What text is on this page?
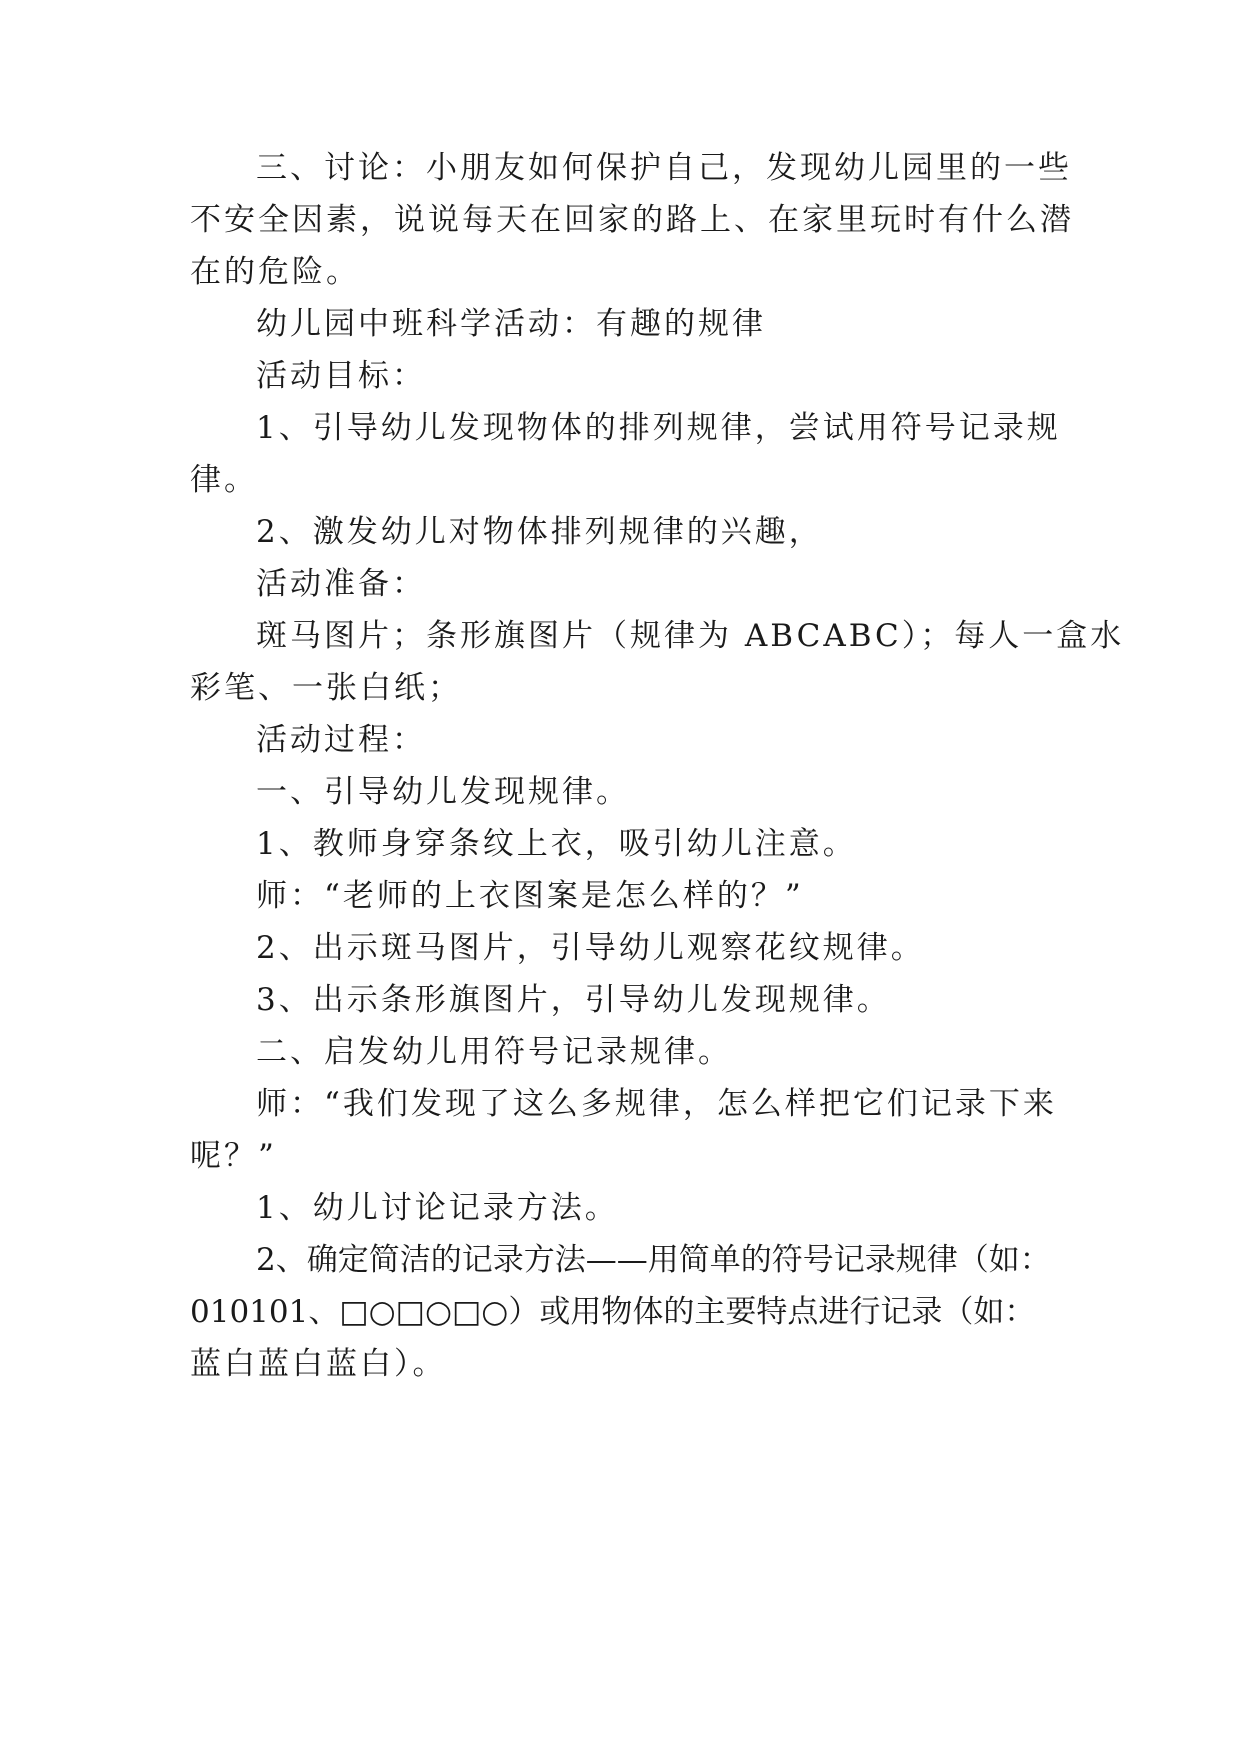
三、讨论：小朋友如何保护自己，发现幼儿园里的一些
不安全因素，说说每天在回家的路上、在家里玩时有什么潜
在的危险。
幼儿园中班科学活动：有趣的规律
活动目标：
1、引导幼儿发现物体的排列规律，尝试用符号记录规
律。
2、激发幼儿对物体排列规律的兴趣，
活动准备：
斑马图片；条形旗图片（规律为 ABCABC）；每人一盒水
彩笔、一张白纸；
活动过程：
一、引导幼儿发现规律。
1、教师身穿条纹上衣，吸引幼儿注意。
师：“老师的上衣图案是怎么样的？”
2、出示斑马图片，引导幼儿观察花纹规律。
3、出示条形旗图片，引导幼儿发现规律。
二、启发幼儿用符号记录规律。
师：“我们发现了这么多规律，怎么样把它们记录下来
呢？”
1、幼儿讨论记录方法。
2、确定简洁的记录方法——用简单的符号记录规律（如：
010101、□○□○□○）或用物体的主要特点进行记录（如：
蓝白蓝白蓝白）。
